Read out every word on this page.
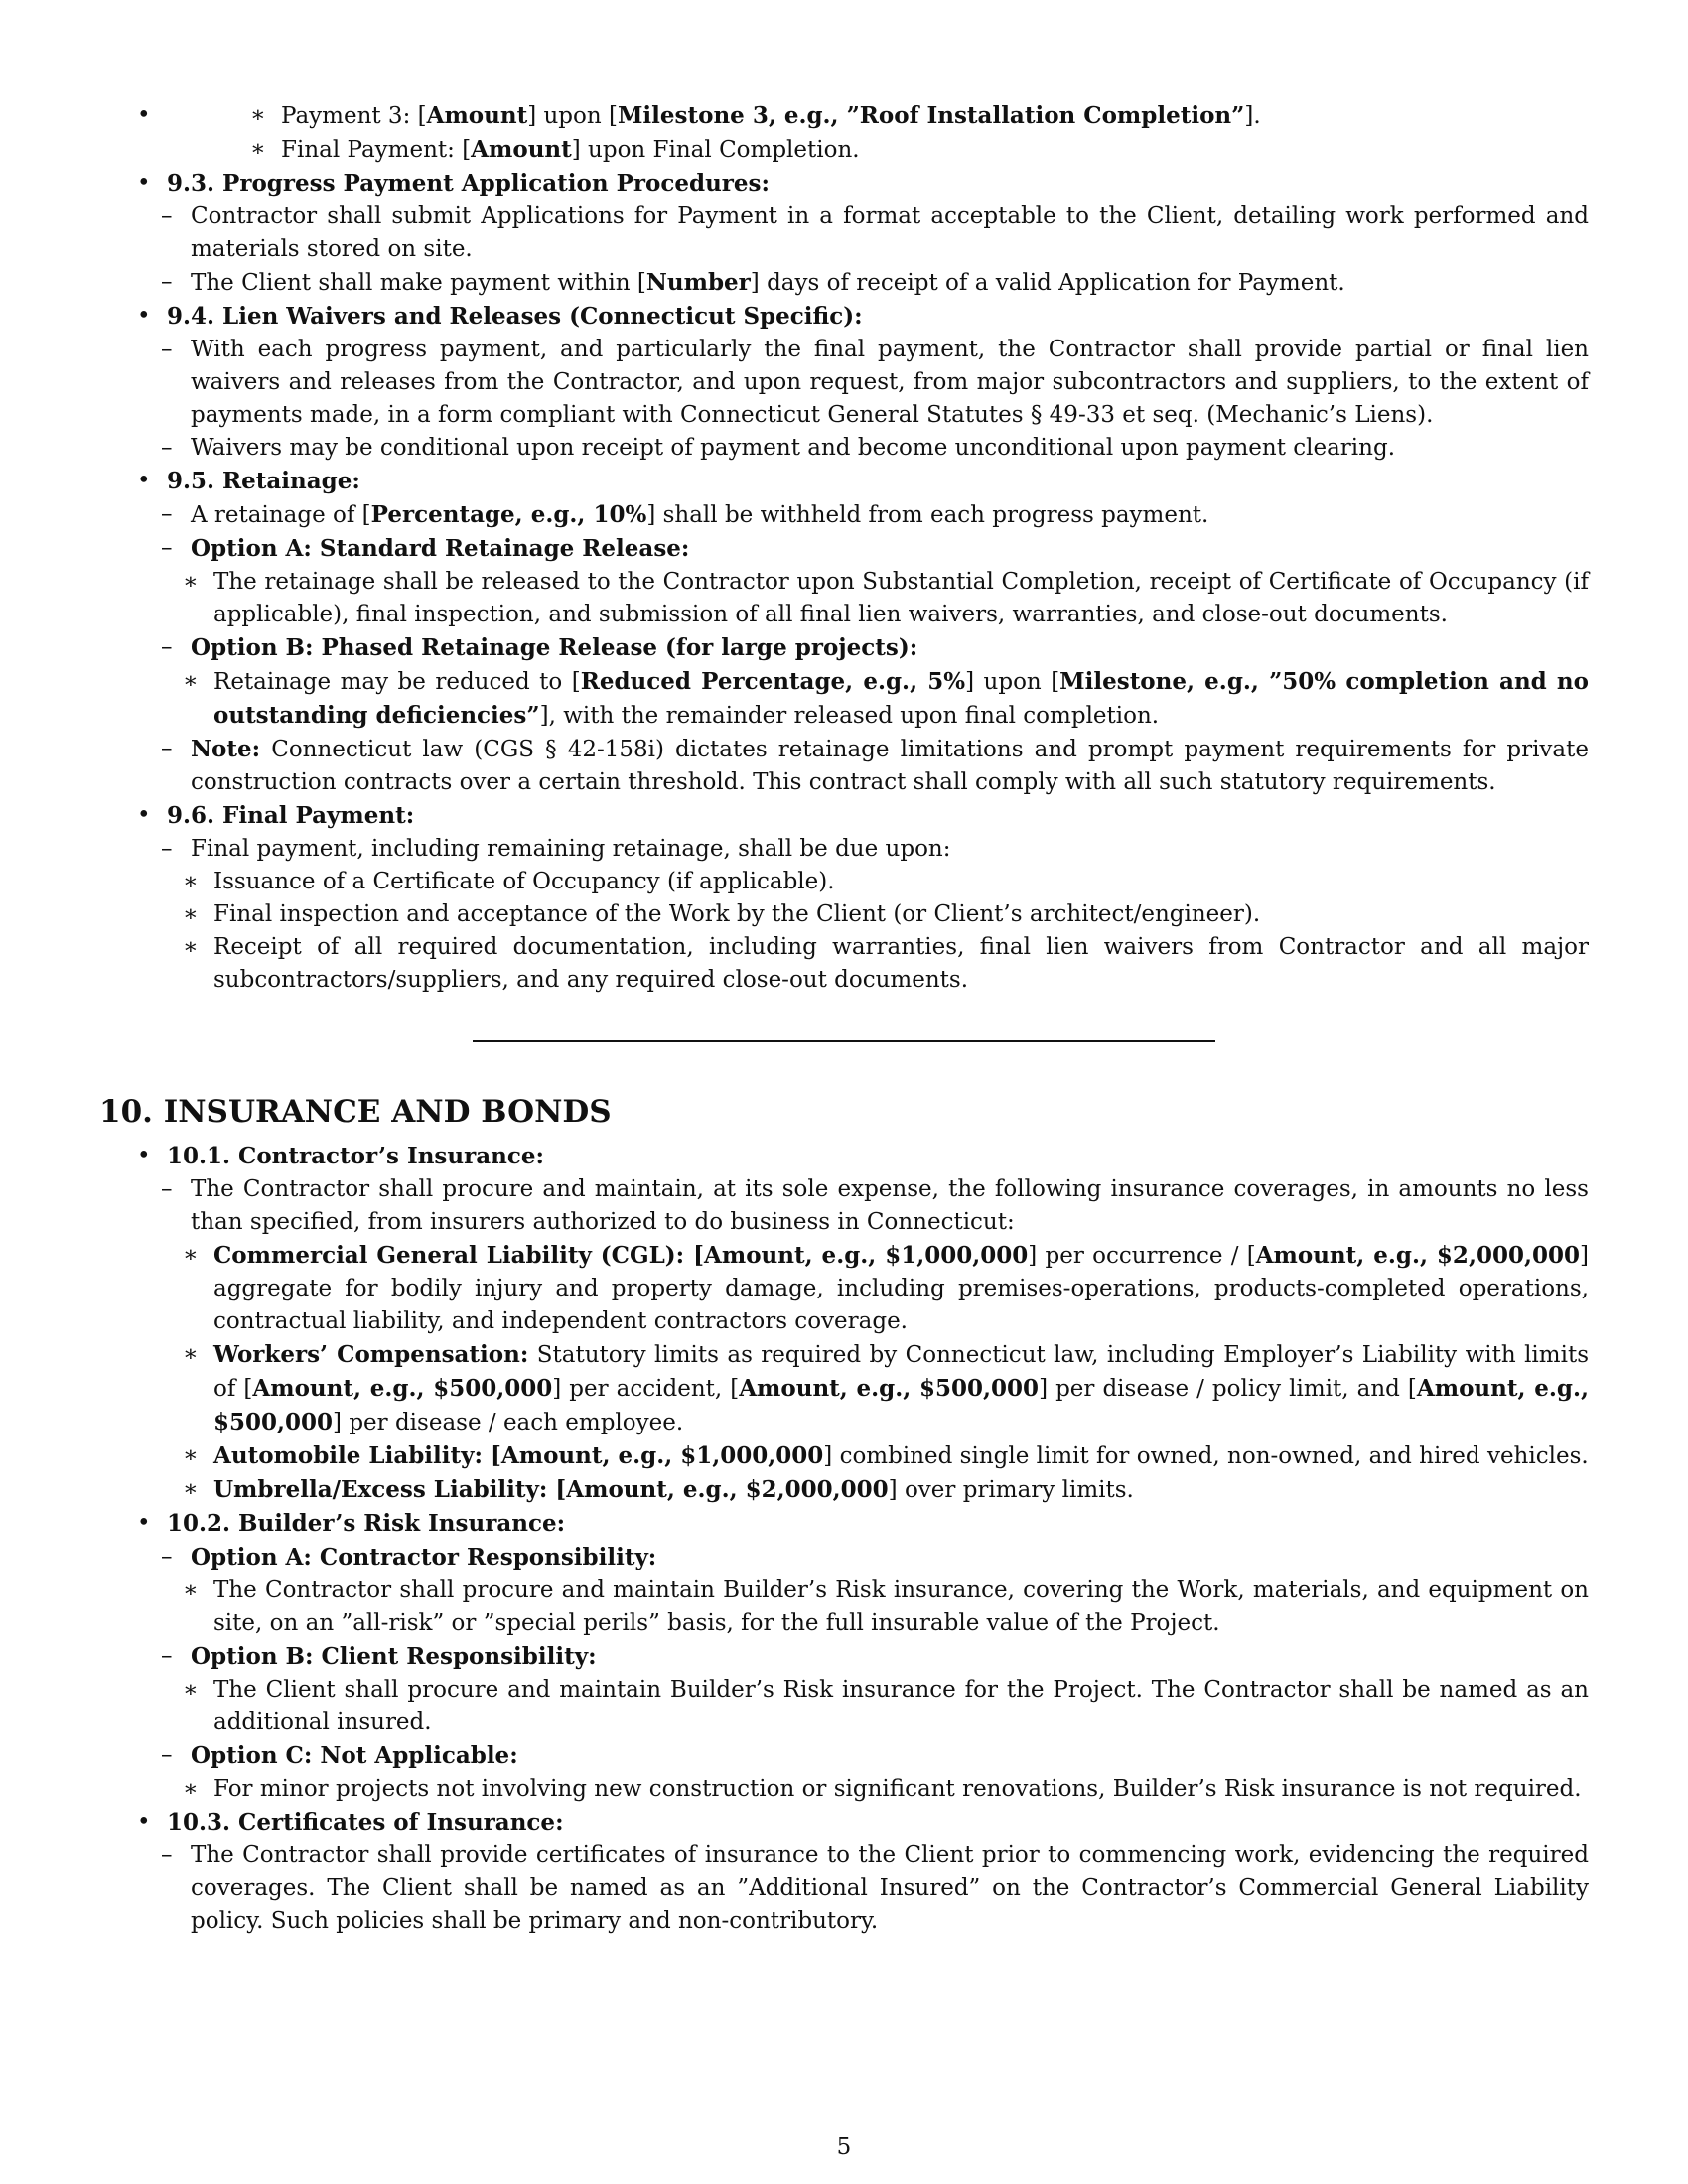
∗ Payment 3: [Amount] upon [Milestone 3, e.g., ”Roof Installation Completion”].
∗ Final Payment: [Amount] upon Final Completion.
• 9.3. Progress Payment Application Procedures:
– Contractor shall submit Applications for Payment in a format acceptable to the Client, detailing work performed and materials stored on site.
– The Client shall make payment within [Number] days of receipt of a valid Application for Payment.
• 9.4. Lien Waivers and Releases (Connecticut Specific):
– With each progress payment, and particularly the final payment, the Contractor shall provide partial or final lien waivers and releases from the Contractor, and upon request, from major subcontractors and suppliers, to the extent of payments made, in a form compliant with Connecticut General Statutes § 49-33 et seq. (Mechanic’s Liens).
– Waivers may be conditional upon receipt of payment and become unconditional upon payment clearing.
• 9.5. Retainage:
– A retainage of [Percentage, e.g., 10%] shall be withheld from each progress payment.
– Option A: Standard Retainage Release:
∗ The retainage shall be released to the Contractor upon Substantial Completion, receipt of Certificate of Occupancy (if applicable), final inspection, and submission of all final lien waivers, warranties, and close-out documents.
– Option B: Phased Retainage Release (for large projects):
∗ Retainage may be reduced to [Reduced Percentage, e.g., 5%] upon [Milestone, e.g., ”50% completion and no outstanding deficiencies”], with the remainder released upon final completion.
– Note: Connecticut law (CGS § 42-158i) dictates retainage limitations and prompt payment requirements for private construction contracts over a certain threshold. This contract shall comply with all such statutory requirements.
• 9.6. Final Payment:
– Final payment, including remaining retainage, shall be due upon:
∗ Issuance of a Certificate of Occupancy (if applicable).
∗ Final inspection and acceptance of the Work by the Client (or Client’s architect/engineer).
∗ Receipt of all required documentation, including warranties, final lien waivers from Contractor and all major subcontractors/suppliers, and any required close-out documents.
10. INSURANCE AND BONDS
• 10.1. Contractor’s Insurance:
– The Contractor shall procure and maintain, at its sole expense, the following insurance coverages, in amounts no less than specified, from insurers authorized to do business in Connecticut:
∗ Commercial General Liability (CGL): [Amount, e.g., $1,000,000] per occurrence / [Amount, e.g., $2,000,000] aggregate for bodily injury and property damage, including premises-operations, products-completed operations, contractual liability, and independent contractors coverage.
∗ Workers’ Compensation: Statutory limits as required by Connecticut law, including Employer’s Liability with limits of [Amount, e.g., $500,000] per accident, [Amount, e.g., $500,000] per disease / policy limit, and [Amount, e.g., $500,000] per disease / each employee.
∗ Automobile Liability: [Amount, e.g., $1,000,000] combined single limit for owned, non-owned, and hired vehicles.
∗ Umbrella/Excess Liability: [Amount, e.g., $2,000,000] over primary limits.
• 10.2. Builder’s Risk Insurance:
– Option A: Contractor Responsibility:
∗ The Contractor shall procure and maintain Builder’s Risk insurance, covering the Work, materials, and equipment on site, on an ”all-risk” or ”special perils” basis, for the full insurable value of the Project.
– Option B: Client Responsibility:
∗ The Client shall procure and maintain Builder’s Risk insurance for the Project. The Contractor shall be named as an additional insured.
– Option C: Not Applicable:
∗ For minor projects not involving new construction or significant renovations, Builder’s Risk insurance is not required.
• 10.3. Certificates of Insurance:
– The Contractor shall provide certificates of insurance to the Client prior to commencing work, evidencing the required coverages. The Client shall be named as an ”Additional Insured” on the Contractor’s Commercial General Liability policy. Such policies shall be primary and non-contributory.
5
